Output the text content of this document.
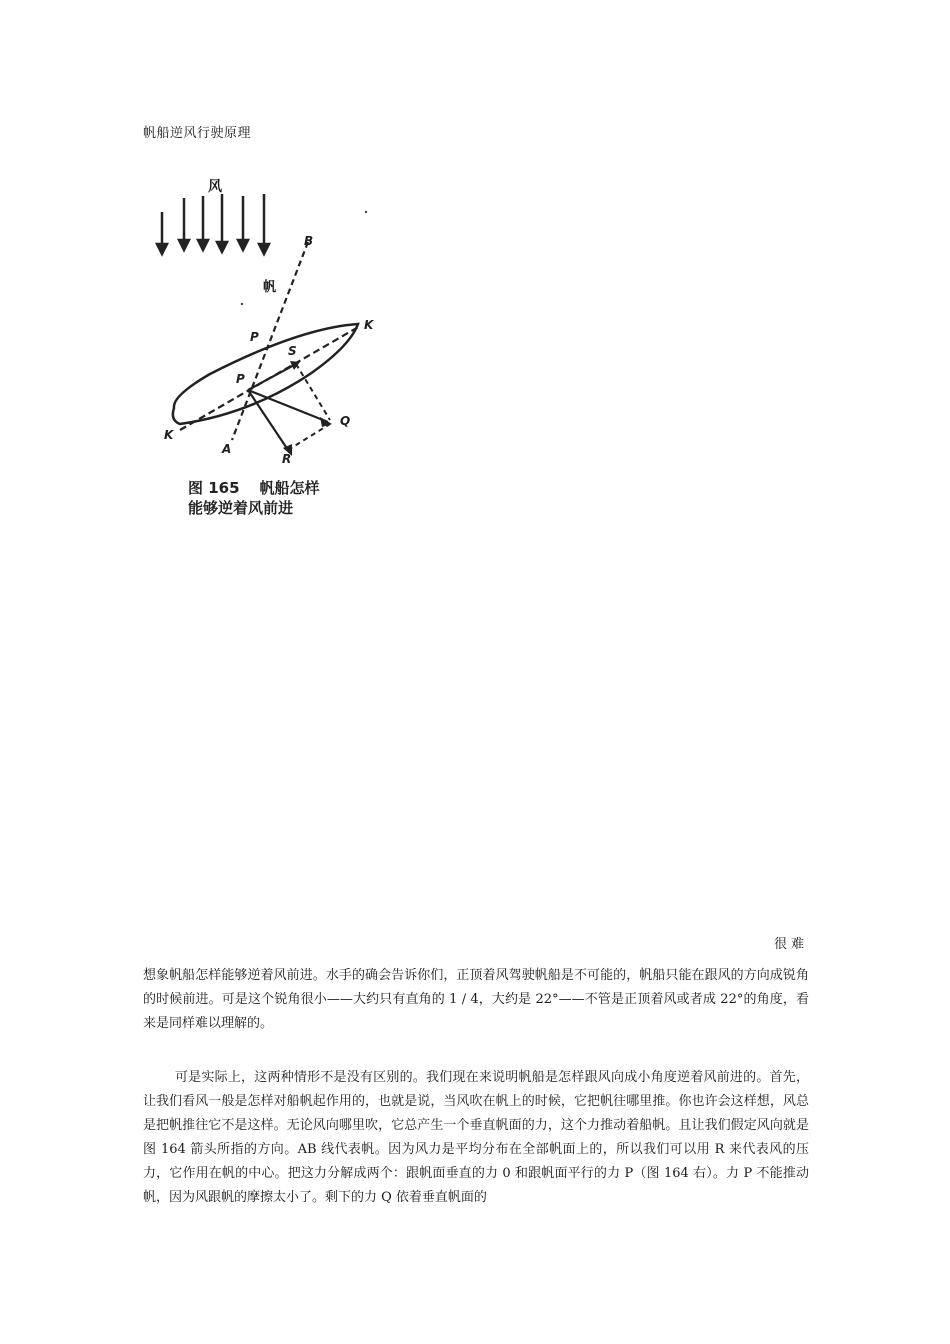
帆船逆风行驶原理
风
帆
B
K
P
S
P
Q
K
A
R
图 165 帆船怎样
能够逆着风前进
很难

想象帆船怎样能够逆着风前进。水手的确会告诉你们，正顶着风驾驶帆船是不可能的，帆船只能在跟风的方向成锐角的时候前进。可是这个锐角很小——大约只有直角的 1 / 4，大约是 22°——不管是正顶着风或者成 22°的角度，看来是同样难以理解的。

可是实际上，这两种情形不是没有区别的。我们现在来说明帆船是怎样跟风向成小角度逆着风前进的。首先，让我们看风一般是怎样对船帆起作用的，也就是说，当风吹在帆上的时候，它把帆往哪里推。你也许会这样想，风总是把帆推往它不是这样。无论风向哪里吹，它总产生一个垂直帆面的力，这个力推动着船帆。且让我们假定风向就是图 164 箭头所指的方向。AB 线代表帆。因为风力是平均分布在全部帆面上的，所以我们可以用 R 来代表风的压力，它作用在帆的中心。把这力分解成两个：跟帆面垂直的力 0 和跟帆面平行的力 P（图 164 右）。力 P 不能推动帆，因为风跟帆的摩擦太小了。剩下的力 Q 依着垂直帆面的
